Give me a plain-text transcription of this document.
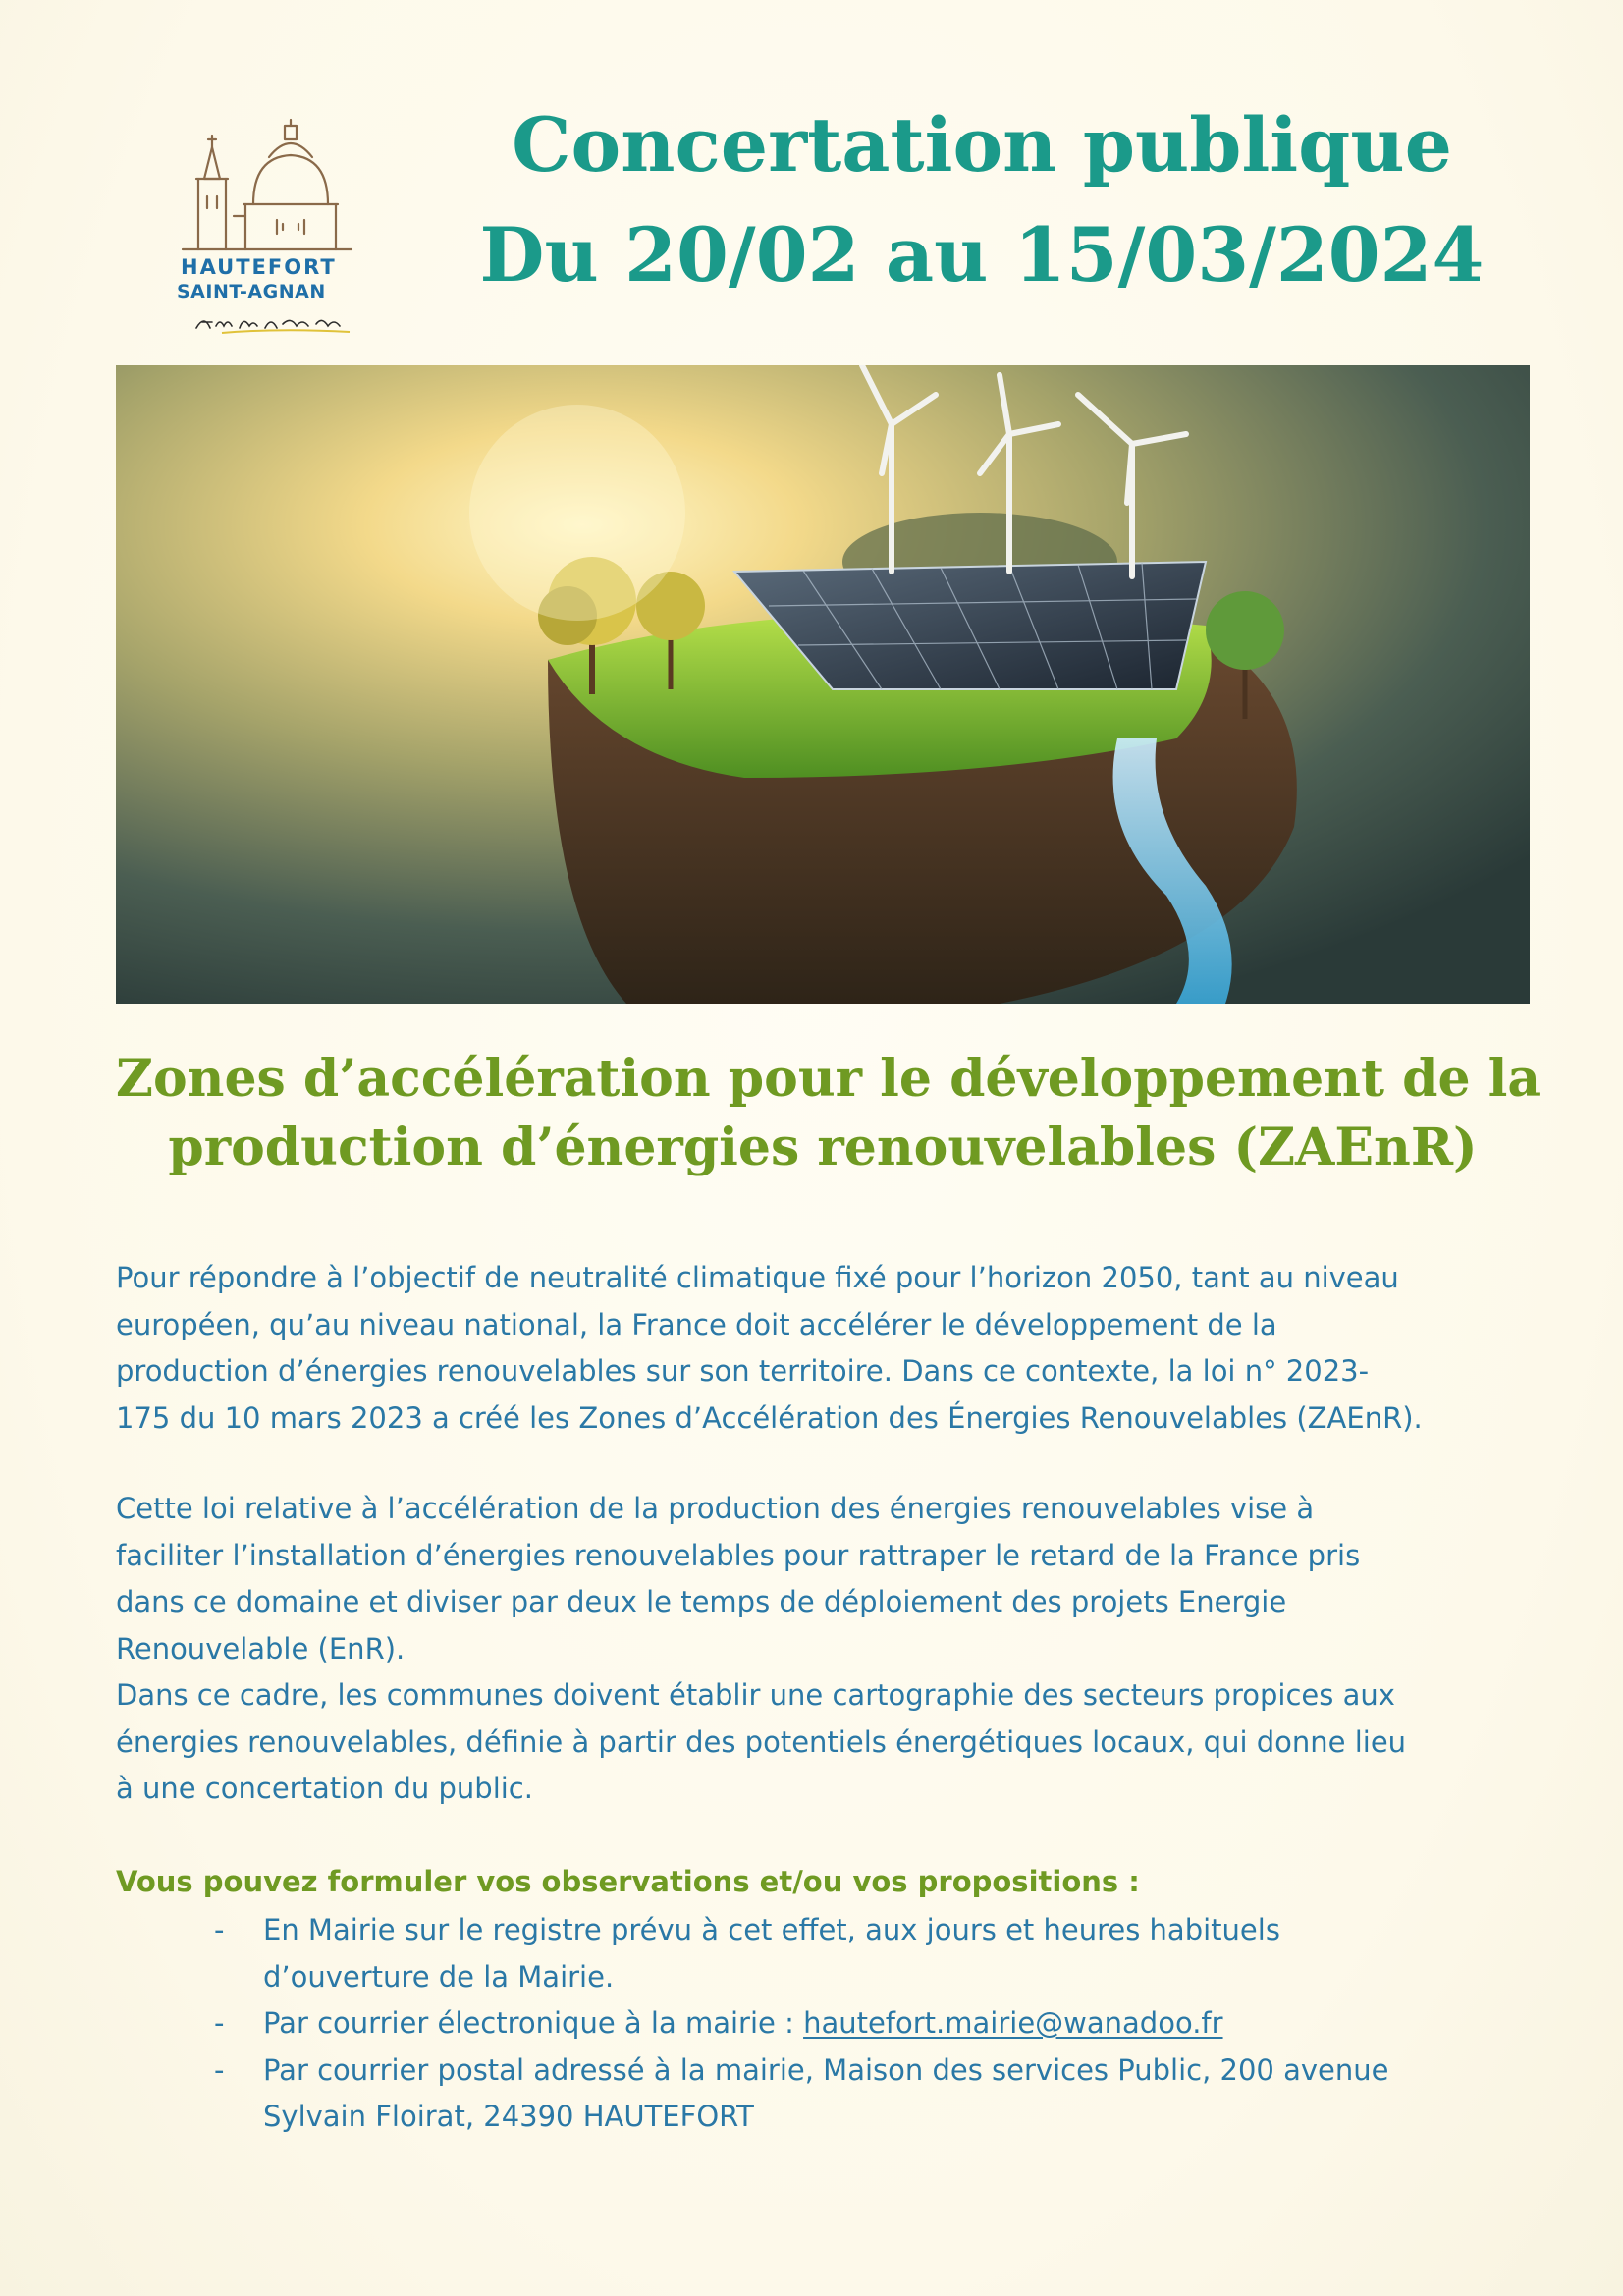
HAUTEFORT
SAINT-AGNAN
Concertation publique
Du 20/02 au 15/03/2024
Zones d’accélération pour le développement de la
production d’énergies renouvelables (ZAEnR)
Pour répondre à l’objectif de neutralité climatique fixé pour l’horizon 2050, tant au niveau
européen, qu’au niveau national, la France doit accélérer le développement de la
production d’énergies renouvelables sur son territoire. Dans ce contexte, la loi n° 2023-
175 du 10 mars 2023 a créé les Zones d’Accélération des Énergies Renouvelables (ZAEnR).
Cette loi relative à l’accélération de la production des énergies renouvelables vise à
faciliter l’installation d’énergies renouvelables pour rattraper le retard de la France pris
dans ce domaine et diviser par deux le temps de déploiement des projets Energie
Renouvelable (EnR).
Dans ce cadre, les communes doivent établir une cartographie des secteurs propices aux
énergies renouvelables, définie à partir des potentiels énergétiques locaux, qui donne lieu
à une concertation du public.
Vous pouvez formuler vos observations et/ou vos propositions :
- En Mairie sur le registre prévu à cet effet, aux jours et heures habituels
d’ouverture de la Mairie.
- Par courrier électronique à la mairie : hautefort.mairie@wanadoo.fr
- Par courrier postal adressé à la mairie, Maison des services Public, 200 avenue
Sylvain Floirat, 24390 HAUTEFORT
